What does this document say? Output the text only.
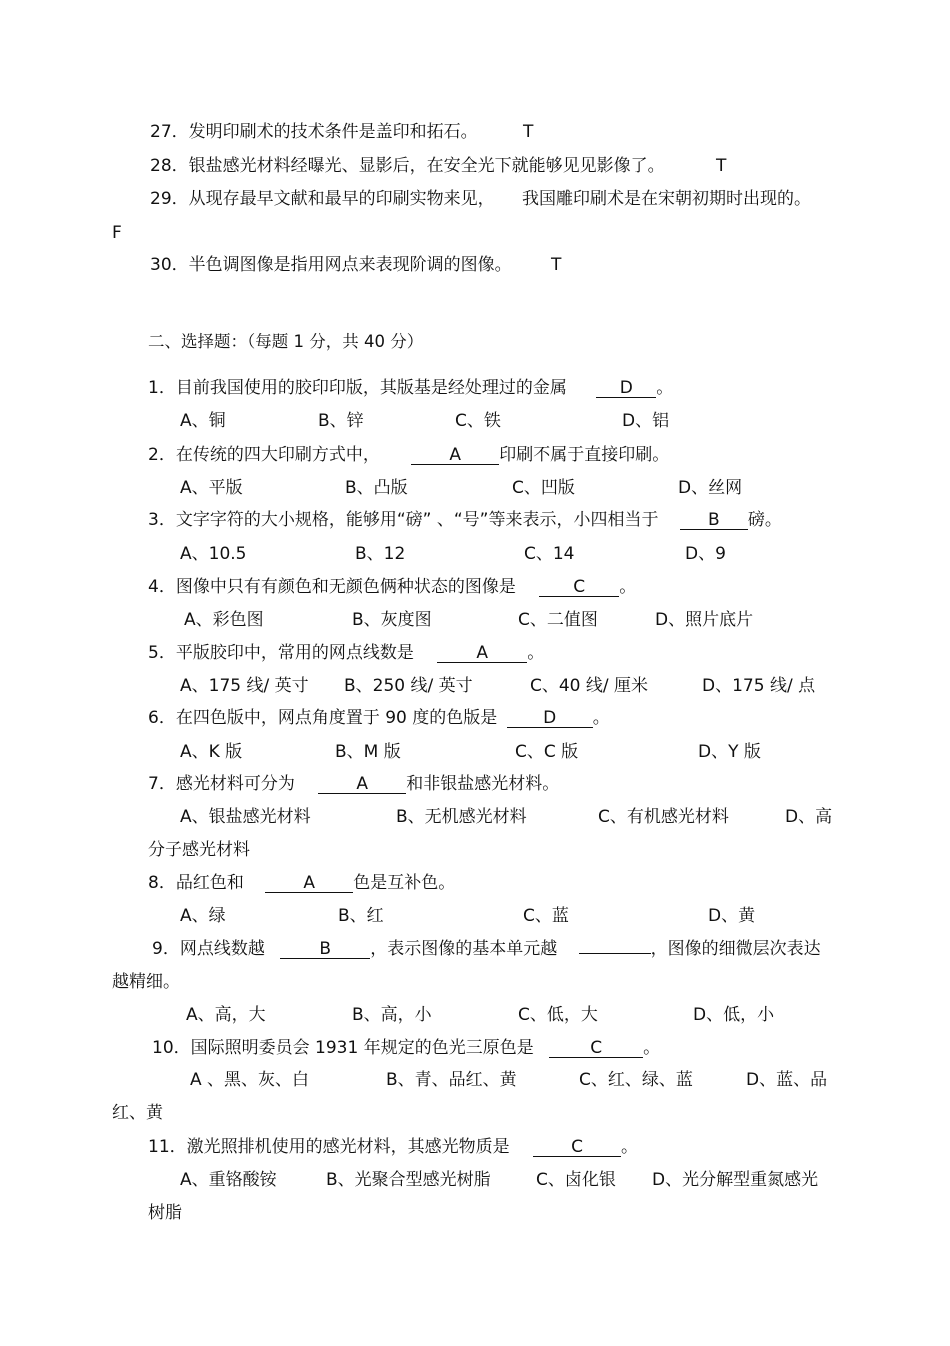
27．发明印刷术的技术条件是盖印和拓石。	T
28．银盐感光材料经曝光、显影后，在安全光下就能够见见影像了。	T
29．从现存最早文献和最早的印刷实物来见， 我国雕印刷术是在宋朝初期时出现的。
F
30．半色调图像是指用网点来表现阶调的图像。 T
二、选择题：（每题 1 分，共 40 分）
1．目前我国使用的胶印印版，其版基是经处理过的金属	D 。
A、铜	B、锌	C、铁	D、铝
2．在传统的四大印刷方式中，	A 印刷不属于直接印刷。
A、平版	B、凸版	C、凹版	D、丝网
3．文字字符的大小规格，能够用“磅” 、“号”等来表示，小四相当于	B 磅。
A、10.5	B、12	C、14	D、9
4．图像中只有有颜色和无颜色俩种状态的图像是	C 。
A、彩色图	B、灰度图	C、二值图	D、照片底片
5．平版胶印中，常用的网点线数是	A 。
A、175 线/ 英寸 B、250 线/ 英寸	C、40 线/ 厘米	D、175 线/ 点
6．在四色版中，网点角度置于 90 度的色版是	D 。
A、K 版	B、M 版	C、C 版	D、Y 版
7．感光材料可分为	A 和非银盐感光材料。
A、银盐感光材料	B、无机感光材料	C、有机感光材料	D、高
分子感光材料
8．品红色和	A 色是互补色。
A、绿	B、红	C、蓝	D、黄
9．网点线数越	B ，表示图像的基本单元越	，图像的细微层次表达
越精细。
A、高，大	B、高，小	C、低，大	D、低，小
10．国际照明委员会 1931 年规定的色光三原色是	C 。
A 、黑、灰、白	B、青、品红、黄	C、红、绿、蓝	D、蓝、品
红、黄
11．激光照排机使用的感光材料，其感光物质是	C 。
A、重铬酸铵	B、光聚合型感光树脂	C、卤化银 D、光分解型重氮感光
树脂
